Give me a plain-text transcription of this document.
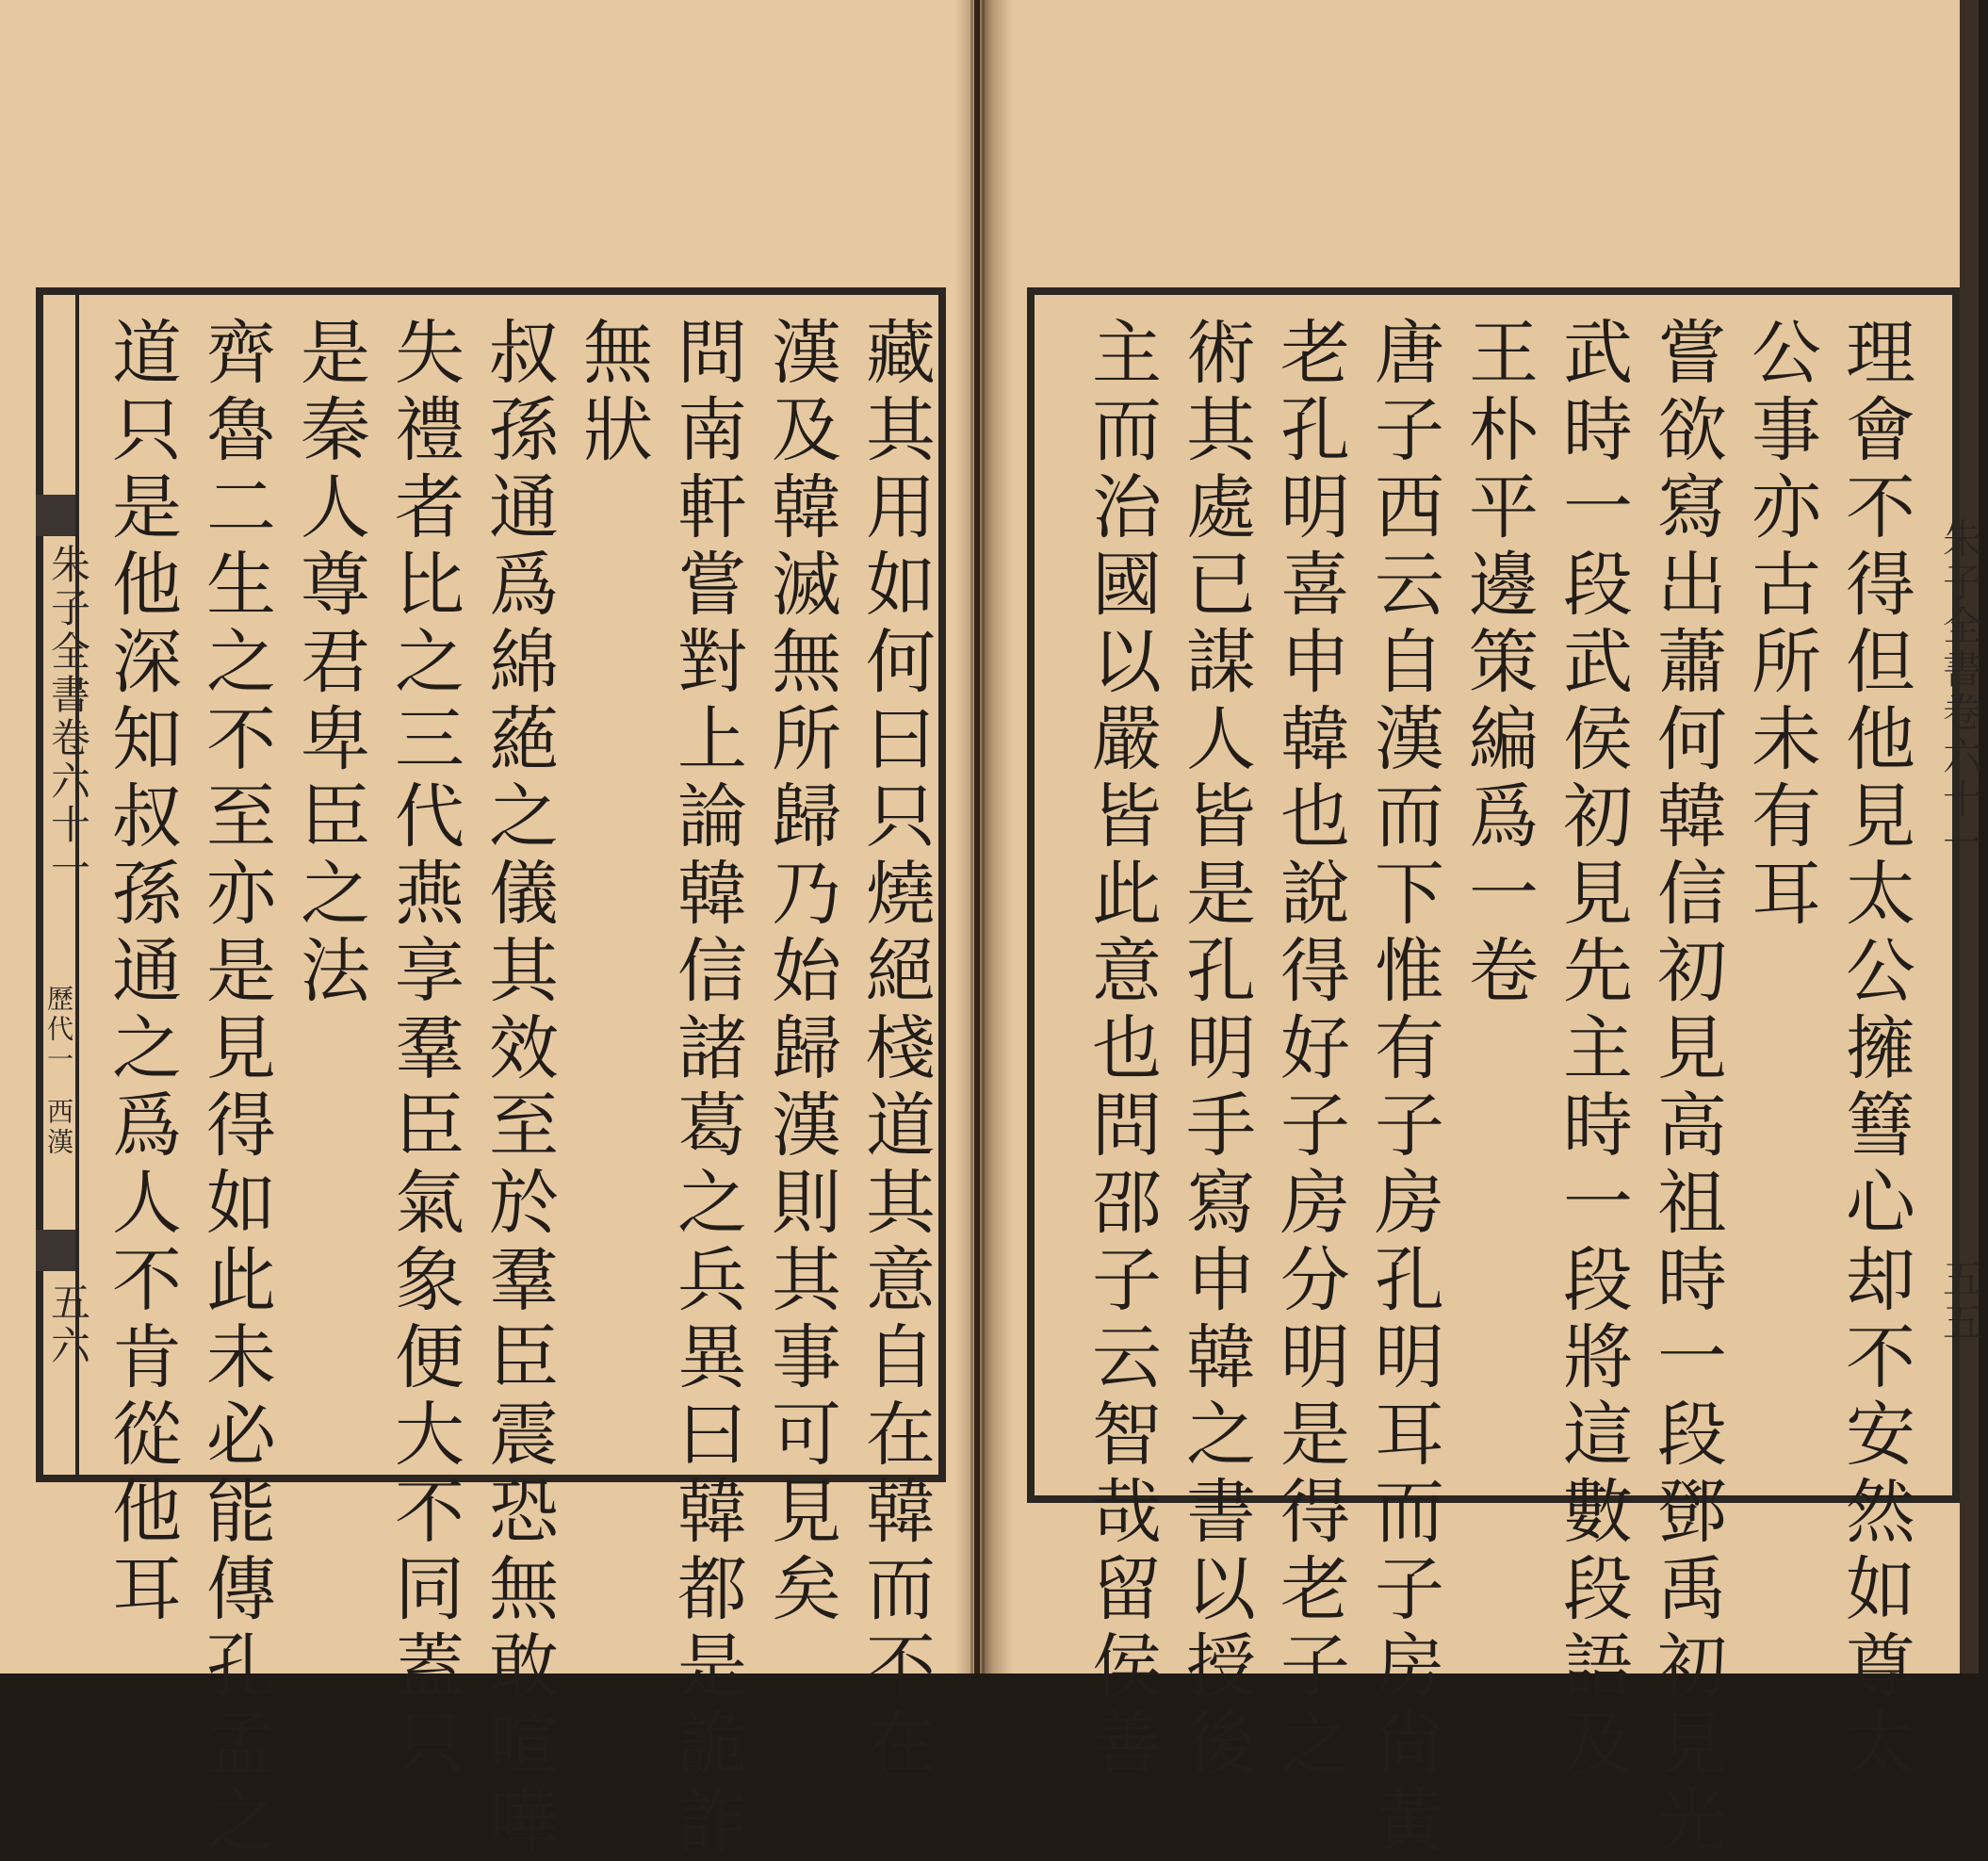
朱子全書卷六十一
歷代一
西漢
五六	藏其用如何曰只燒絕棧道其意自在韓而不在
漢及韓滅無所歸乃始歸漢則其事可見矣
問南軒嘗對上論韓信諸葛之兵異曰韓都是詭詐
無狀
叔孫通爲綿蕝之儀其效至於羣臣震恐無敢喧嘩
失禮者比之三代燕享羣臣氣象便大不同蓋只
是秦人尊君卑臣之法
齊魯二生之不至亦是見得如此未必能傳孔孟之
道只是他深知叔孫通之爲人不肯從他耳	朱子全書卷六十一
五五
理會不得但他見太公擁篲心却不安然如尊太
公事亦古所未有耳
嘗欲寫出蕭何韓信初見高祖時一段鄧禹初見光
武時一段武侯初見先主時一段將這數段語及
王朴平邊策編爲一卷
唐子西云自漢而下惟有子房孔明耳而子房尙黃
老孔明喜申韓也說得好子房分明是得老子之
術其處已謀人皆是孔明手寫申韓之書以授後
主而治國以嚴皆此意也問邵子云智哉留侯善
